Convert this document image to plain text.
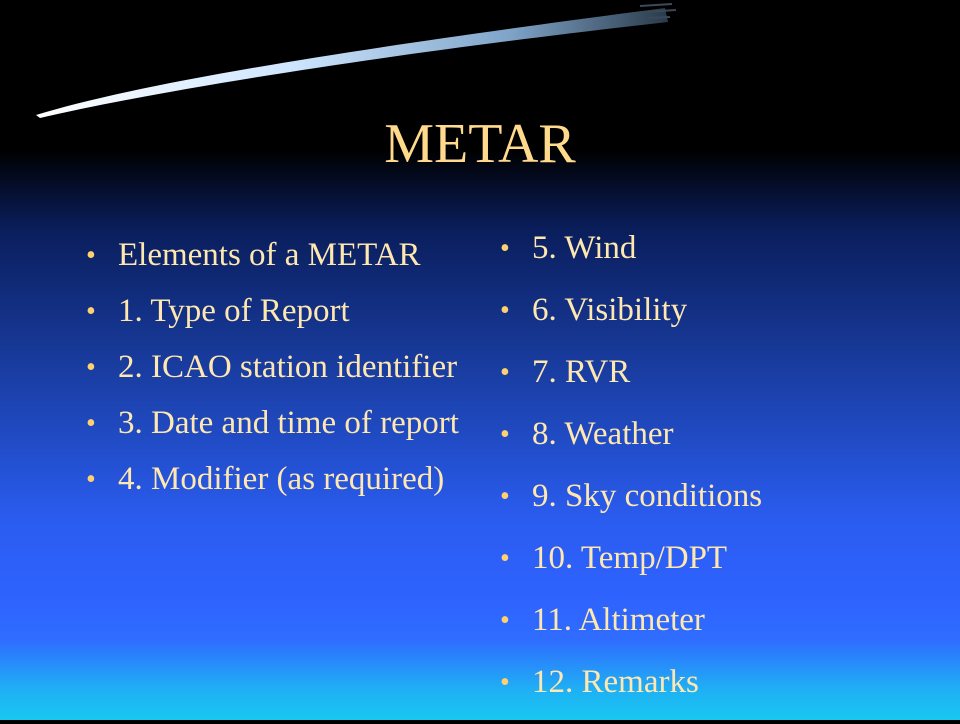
METAR
• Elements of a METAR
• 1. Type of Report
• 2. ICAO station identifier
• 3. Date and time of report
• 4. Modifier (as required)
• 5. Wind
• 6. Visibility
• 7. RVR
• 8. Weather
• 9. Sky conditions
• 10. Temp/DPT
• 11. Altimeter
• 12. Remarks
